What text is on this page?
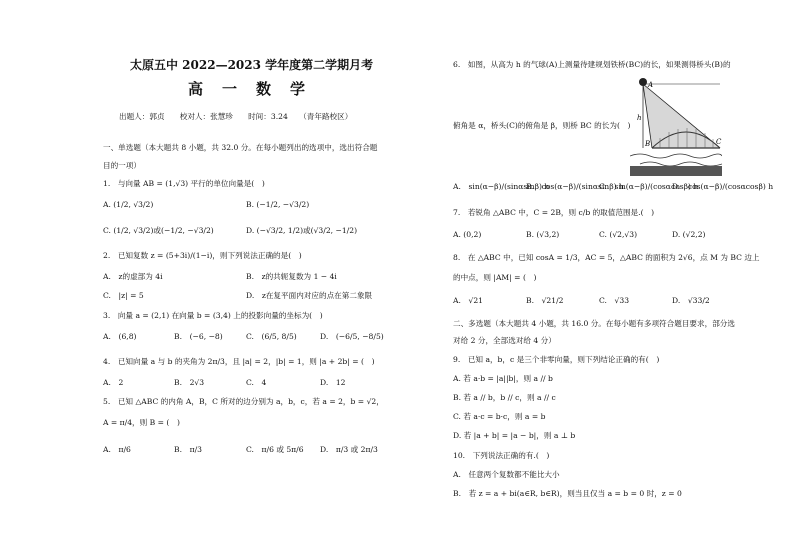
太原五中 2022—2023 学年度第二学期月考
高　一　数　学
出题人：郭贞　　校对人：张慧珍　　时间：3.24　　（青年路校区）
一、单选题（本大题共 8 小题，共 32.0 分。在每小题列出的选项中，选出符合题
目的一项）
1.　与向量 AB = (1,√3) 平行的单位向量是(　)
A. (1/2, √3/2)	B. (−1/2, −√3/2)
C. (1/2, √3/2)或(−1/2, −√3/2)	D. (−√3/2, 1/2)或(√3/2, −1/2)
2.　已知复数 z = (5+3i)/(1−i)，则下列说法正确的是(　)
A.　z的虚部为 4i	B.　z的共轭复数为 1 − 4i
C.　|z| = 5	D.　z在复平面内对应的点在第二象限
3.　向量 a = (2,1) 在向量 b = (3,4) 上的投影向量的坐标为(　)
A.　(6,8)	B.　(−6, −8)	C.　(6/5, 8/5)	D.　(−6/5, −8/5)
4.　已知向量 a 与 b 的夹角为 2π/3，且 |a| = 2，|b| = 1，则 |a + 2b| = (　)
A.　2	B.　2√3	C.　4	D.　12
5.　已知 △ABC 的内角 A，B，C 所对的边分别为 a，b，c，若 a = 2，b = √2，
A = π/4，则 B = (　)
A.　π/6	B.　π/3	C.　π/6 或 5π/6 D.　π/3 或 2π/3
6.　如图，从高为 h 的气球(A)上测量待建规划铁桥(BC)的长，如果测得桥头(B)的
A
h
B	C
俯角是 α，桥头(C)的俯角是 β，则桥 BC 的长为(　)
A.　sin(α−β)/(sinαsinβ) h
B.　cos(α−β)/(sinαsinβ) h
C.　sin(α−β)/(cosαcosβ) h
D.　cos(α−β)/(cosαcosβ) h
7.　若锐角 △ABC 中，C = 2B，则 c/b 的取值范围是.(　)
A. (0,2)	B. (√3,2)	C. (√2,√3)	D. (√2,2)
8.　在 △ABC 中，已知 cosA = 1/3，AC = 5，△ABC 的面积为 2√6，点 M 为 BC 边上
的中点，则 |AM| = (　)
A.　√21	B.　√21/2	C.　√33	D.　√33/2
二、多选题（本大题共 4 小题，共 16.0 分。在每小题有多项符合题目要求，部分选
对给 2 分，全部选对给 4 分）
9.　已知 a，b，c 是三个非零向量，则下列结论正确的有(　)
A. 若 a·b = |a||b|，则 a // b
B. 若 a // b，b // c，则 a // c
C. 若 a·c = b·c，则 a = b
D. 若 |a + b| = |a − b|，则 a ⊥ b
10.　下列说法正确的有.(　)
A.　任意两个复数都不能比大小
B.　若 z = a + bi(a∈R, b∈R)，则当且仅当 a = b = 0 时，z = 0
